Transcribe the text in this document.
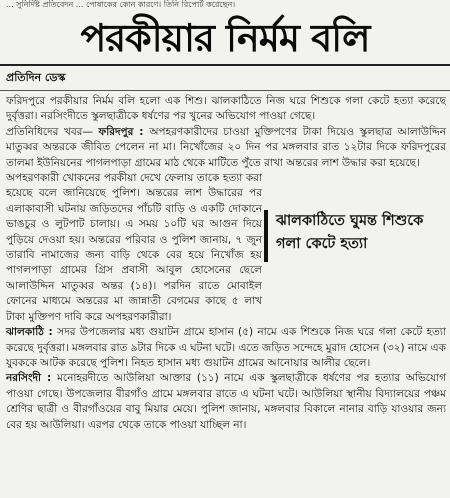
... সুনির্দিষ্ট প্রতিবেদন ... পোষাকের কোন কারণে। তিনি রিপোর্ট করেছেন।
পরকীয়ার নির্মম বলি
প্রতিদিন ডেস্ক

ফরিদপুরে পরকীয়ার নির্মম বলি হলো এক শিশু। ঝালকাঠিতে নিজ ঘরে শিশুকে গলা কেটে হত্যা করেছে দুর্বৃত্তরা। নরসিংদীতে স্কুলছাত্রীকে ধর্ষণের পর খুনের অভিযোগ পাওয়া গেছে।

প্রতিনিধিদের খবর— ফরিদপুর : অপহরণকারীদের চাওয়া মুক্তিপণের টাকা দিয়েও স্কুলছাত্র আলাউদ্দিন মাতুব্বর অন্তরকে জীবিত পেলেন না মা। নিখোঁজের ২০ দিন পর মঙ্গলবার রাত ১২টার দিকে ফরিদপুরের তালমা ইউনিয়নের পাগলপাড়া গ্রামের মাঠ থেকে মাটিতে পুঁতে রাখা অন্তরের লাশ উদ্ধার করা হয়েছে।

অপহরণকারী খোকনের পরকীয়া দেখে ফেলায় তাকে হত্যা করা হয়েছে বলে জানিয়েছে পুলিশ। অন্তরের লাশ উদ্ধারের পর এলাকাবাসী ঘটনায় জড়িতদের পাঁচটি বাড়ি ও একটি দোকানে ভাঙচুর ও লুটপাট চালায়। এ সময় ১০টি ঘর আগুন দিয়ে পুড়িয়ে দেওয়া হয়। অন্তরের পরিবার ও পুলিশ জানায়, ৭ জুন তারাবি নামাজের জন্য বাড়ি থেকে বের হয়ে নিখোঁজ হয় পাগলপাড়া গ্রামের গ্রিস প্রবাসী আবুল হোসেনের ছেলে আলাউদ্দিন মাতুব্বর অন্তর (১৪)। পরদিন রাতে মোবাইল ফোনের মাধ্যমে অন্তরের মা জান্নাতী বেগমের কাছে ৫ লাখ টাকা মুক্তিপণ দাবি করে অপহরণকারীরা।

ঝালকাঠি : সদর উপজেলার মধ্য গুয়াটন গ্রামে হাসান (৫) নামে এক শিশুকে নিজ ঘরে গলা কেটে হত্যা করেছে দুর্বৃত্তরা। মঙ্গলবার রাত ৯টার দিকে এ ঘটনা ঘটে। এতে জড়িত সন্দেহে মুরাদ হোসেন (৩২) নামে এক যুবককে আটক করেছে পুলিশ। নিহত হাসান মধ্য গুয়াটন গ্রামের আনোয়ার আলীর ছেলে।

নরসিংদী : মনোহরদীতে আউলিয়া আক্তার (১১) নামে এক স্কুলছাত্রীকে ধর্ষণের পর হত্যার অভিযোগ পাওয়া গেছে। উপজেলার বীরগাঁও গ্রামে মঙ্গলবার রাতে এ ঘটনা ঘটে। আউলিয়া স্থানীয় বিদ্যালয়ের পঞ্চম শ্রেণির ছাত্রী ও বীরগাঁওয়ের বাবু মিয়ার মেয়ে। পুলিশ জানায়, মঙ্গলবার বিকালে নানার বাড়ি যাওয়ার জন্য বের হয় আউলিয়া। এরপর থেকে তাকে পাওয়া যাচ্ছিল না।

ঝালকাঠিতে ঘুমন্ত শিশুকে গলা কেটে হত্যা
